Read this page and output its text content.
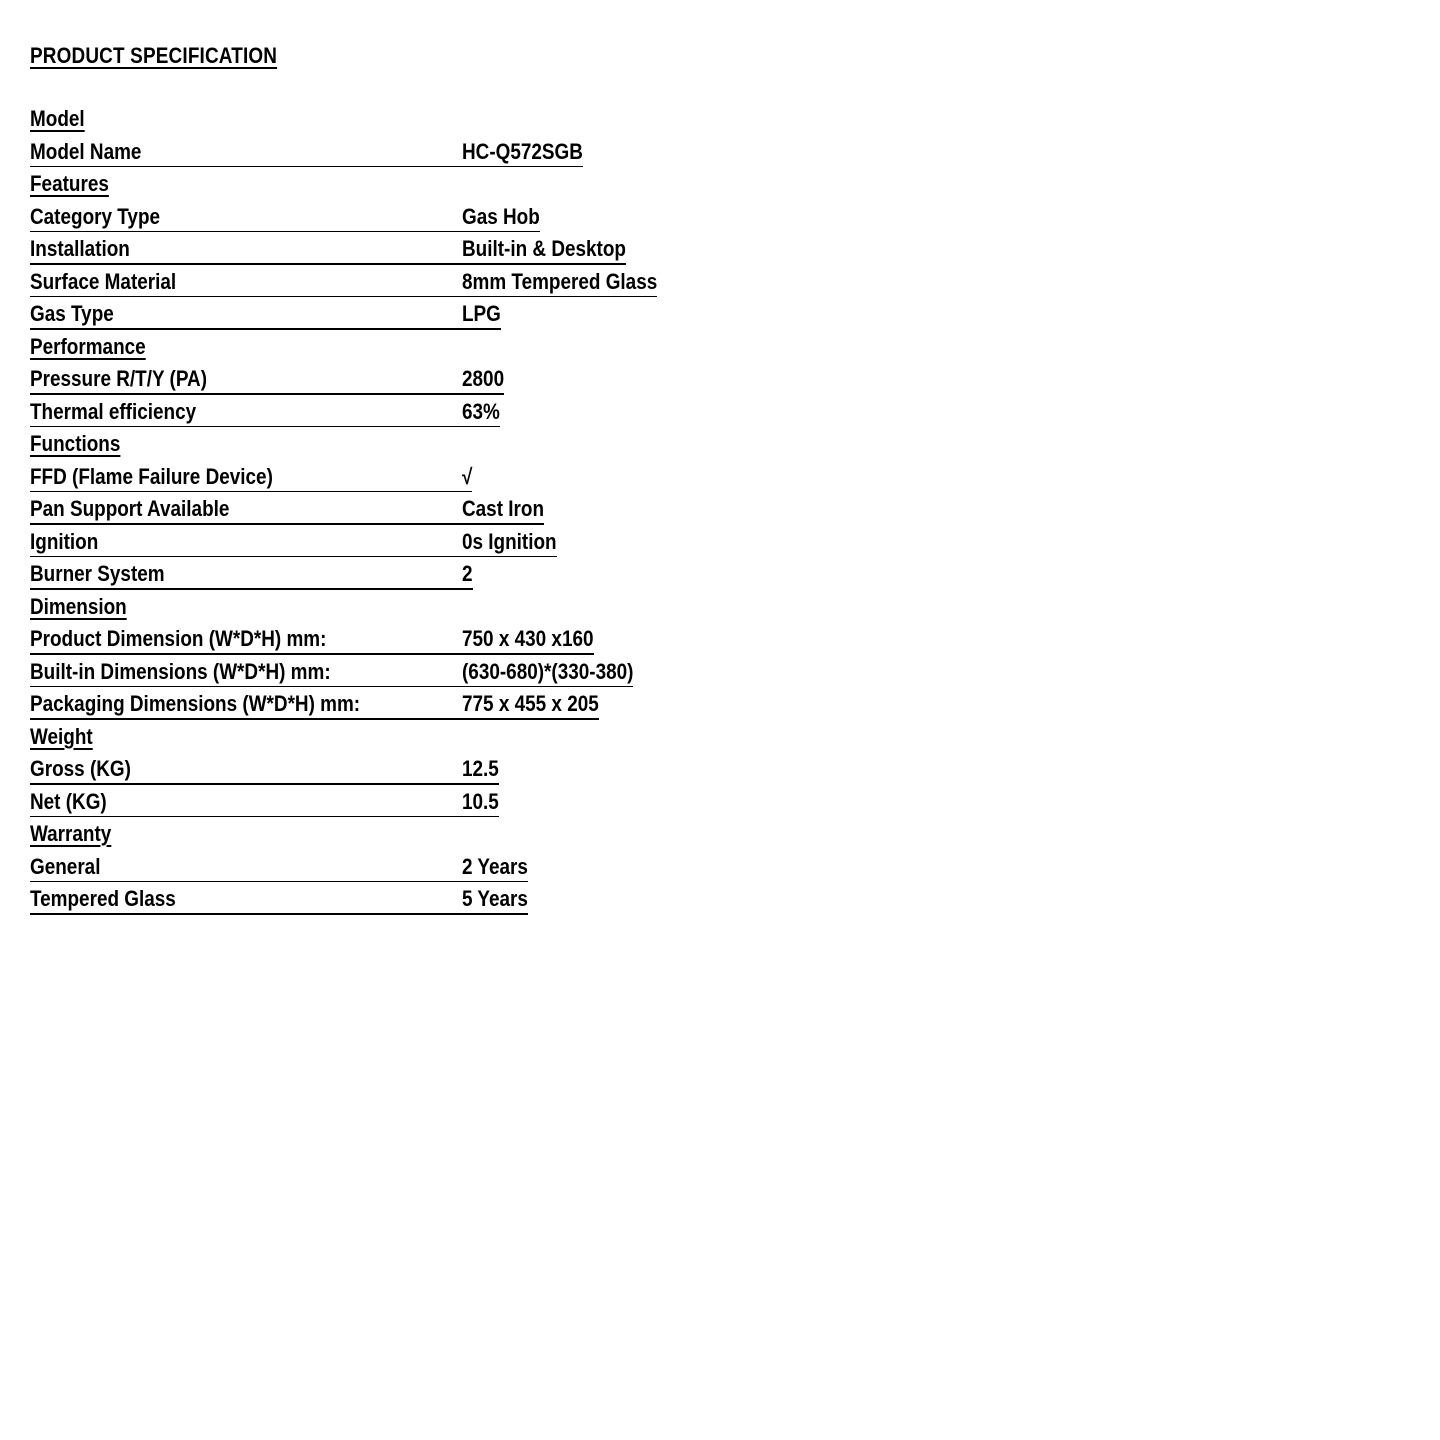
PRODUCT SPECIFICATION
Model
Model Name	HC-Q572SGB
Features
Category Type	Gas Hob
Installation	Built-in & Desktop
Surface Material	8mm Tempered Glass
Gas Type	LPG
Performance
Pressure R/T/Y (PA)	2800
Thermal efficiency	63%
Functions
FFD (Flame Failure Device)	√
Pan Support Available	Cast Iron
Ignition	0s Ignition
Burner System	2
Dimension
Product Dimension (W*D*H) mm:	750 x 430 x160
Built-in Dimensions (W*D*H) mm:	(630-680)*(330-380)
Packaging Dimensions (W*D*H) mm:	775 x 455 x 205
Weight
Gross (KG)	12.5
Net (KG)	10.5
Warranty
General	2 Years
Tempered Glass	5 Years
